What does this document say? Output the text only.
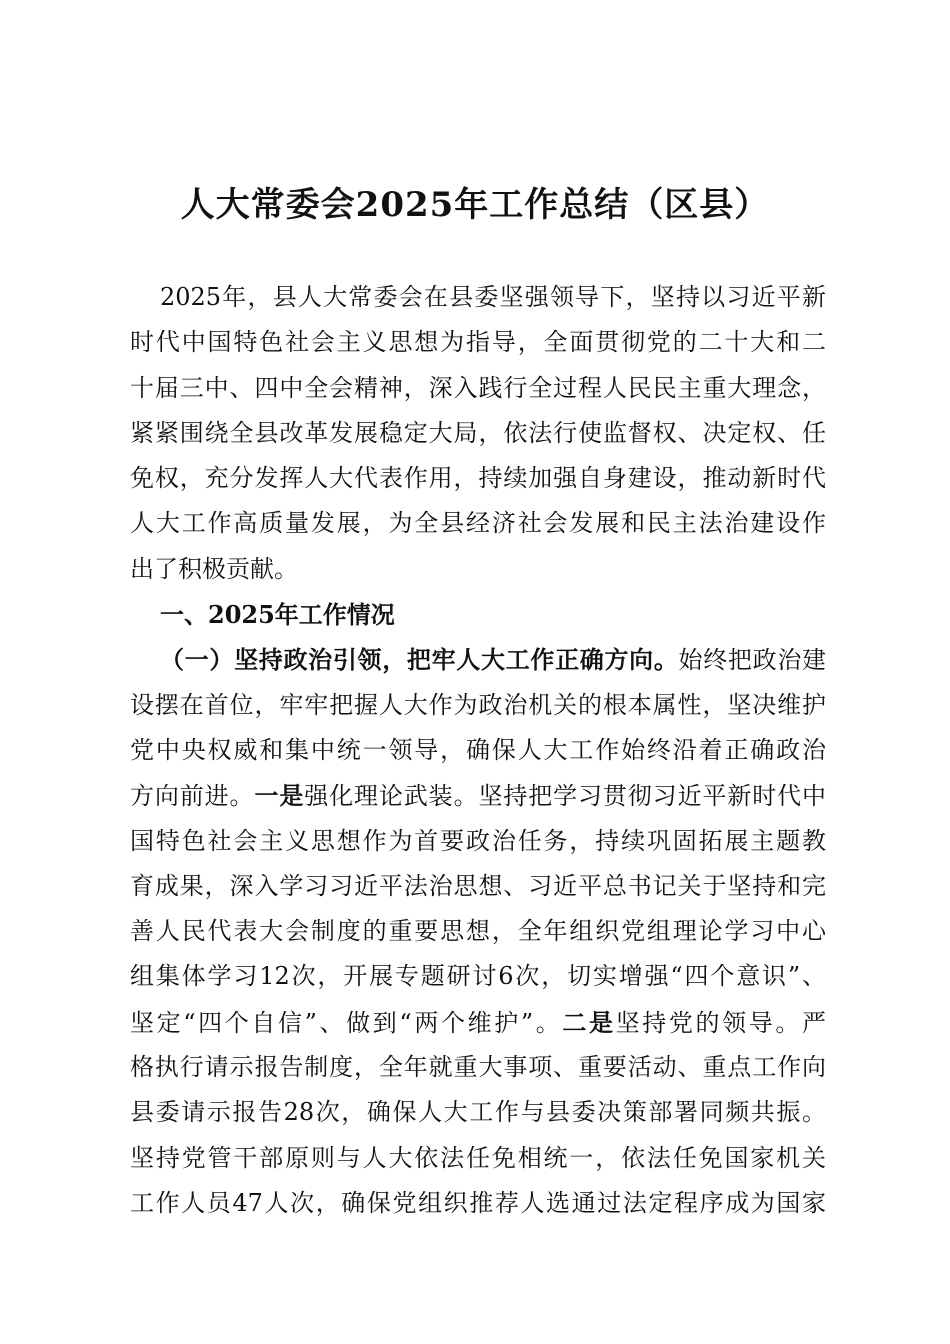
人大常委会2025年工作总结（区县）
2025年，县人大常委会在县委坚强领导下，坚持以习近平新
时代中国特色社会主义思想为指导，全面贯彻党的二十大和二
十届三中、四中全会精神，深入践行全过程人民民主重大理念，
紧紧围绕全县改革发展稳定大局，依法行使监督权、决定权、任
免权，充分发挥人大代表作用，持续加强自身建设，推动新时代
人大工作高质量发展，为全县经济社会发展和民主法治建设作
出了积极贡献。
一、2025年工作情况
（一）坚持政治引领，把牢人大工作正确方向。始终把政治建
设摆在首位，牢牢把握人大作为政治机关的根本属性，坚决维护
党中央权威和集中统一领导，确保人大工作始终沿着正确政治
方向前进。一是强化理论武装。坚持把学习贯彻习近平新时代中
国特色社会主义思想作为首要政治任务，持续巩固拓展主题教
育成果，深入学习习近平法治思想、习近平总书记关于坚持和完
善人民代表大会制度的重要思想，全年组织党组理论学习中心
组集体学习12次，开展专题研讨6次，切实增强“四个意识”、
坚定“四个自信”、做到“两个维护”。二是坚持党的领导。严
格执行请示报告制度，全年就重大事项、重要活动、重点工作向
县委请示报告28次，确保人大工作与县委决策部署同频共振。
坚持党管干部原则与人大依法任免相统一，依法任免国家机关
工作人员47人次，确保党组织推荐人选通过法定程序成为国家
